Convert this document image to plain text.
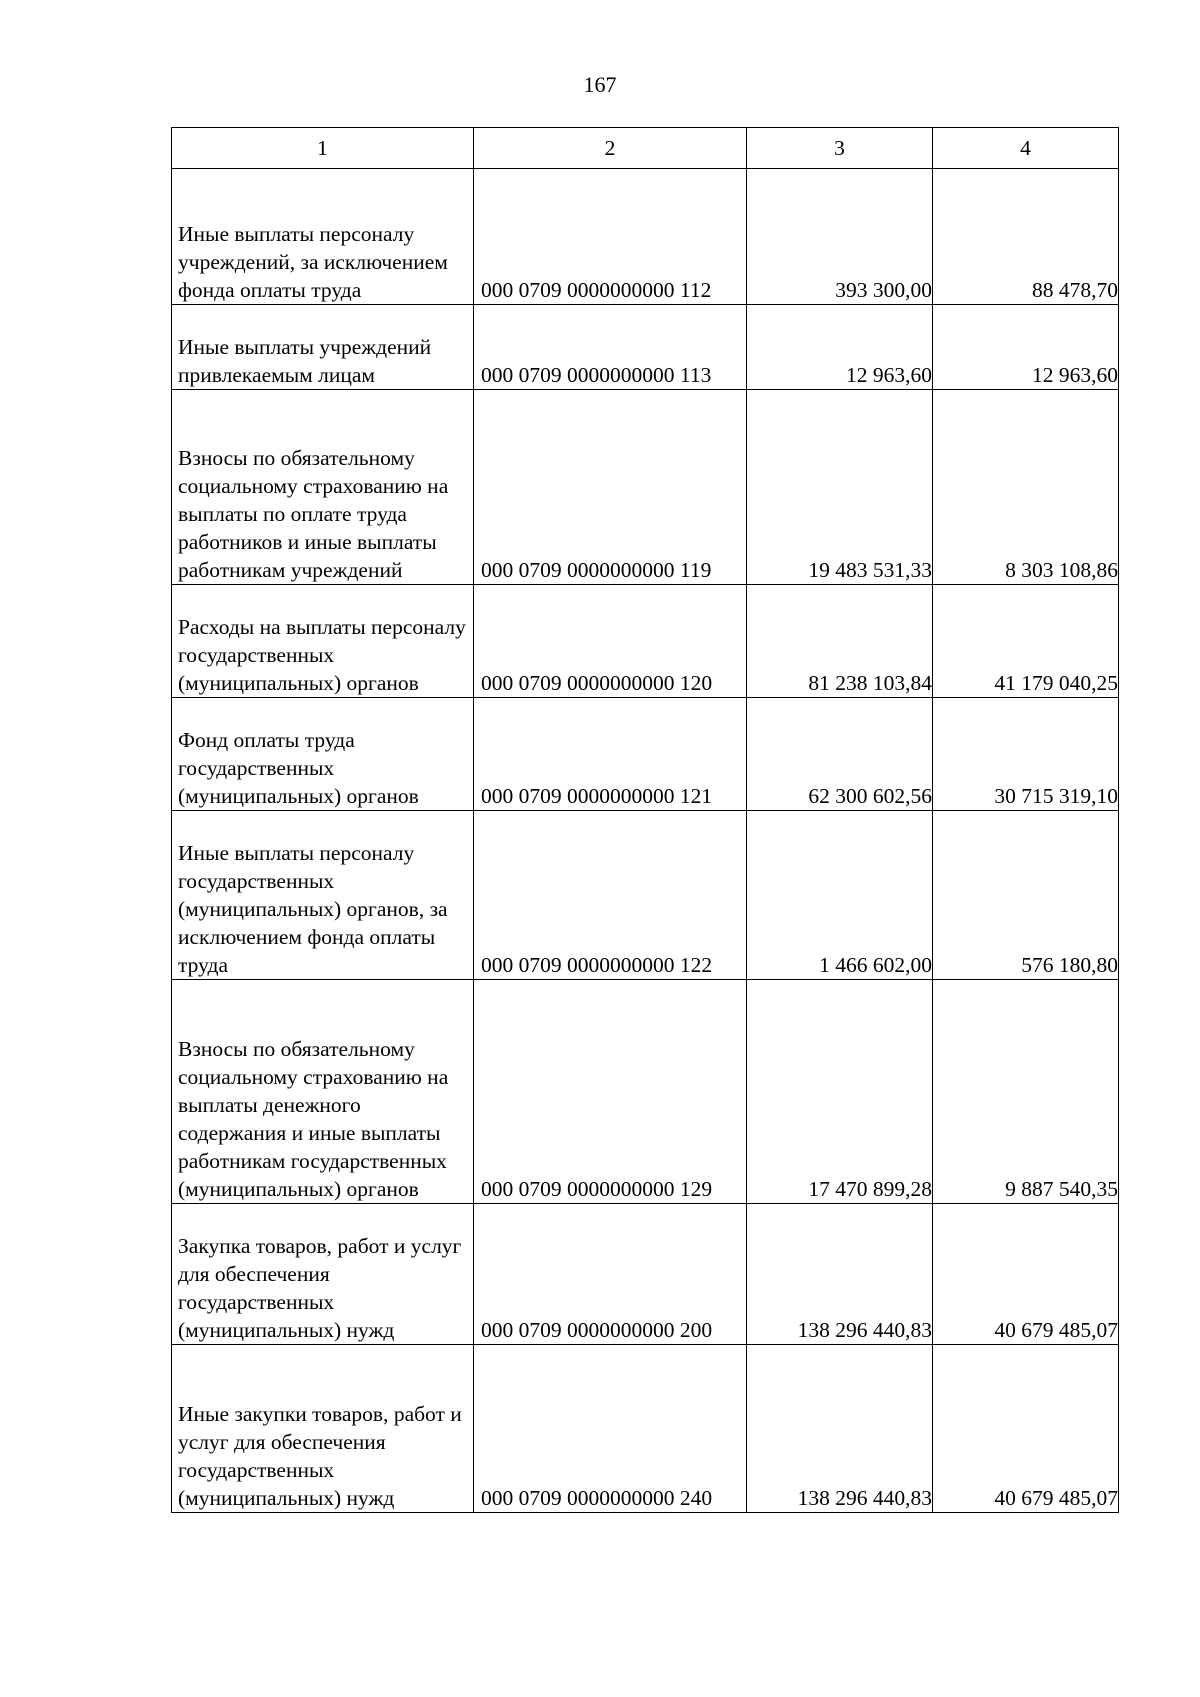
167
1	2	3	4
Иные выплаты персоналу учреждений, за исключением фонда оплаты труда	000 0709 0000000000 112	393 300,00	88 478,70
Иные выплаты учреждений привлекаемым лицам	000 0709 0000000000 113	12 963,60	12 963,60
Взносы по обязательному социальному страхованию на выплаты по оплате труда работников и иные выплаты работникам учреждений	000 0709 0000000000 119	19 483 531,33	8 303 108,86
Расходы на выплаты персоналу государственных (муниципальных) органов	000 0709 0000000000 120	81 238 103,84	41 179 040,25
Фонд оплаты труда государственных (муниципальных) органов	000 0709 0000000000 121	62 300 602,56	30 715 319,10
Иные выплаты персоналу государственных (муниципальных) органов, за исключением фонда оплаты труда	000 0709 0000000000 122	1 466 602,00	576 180,80
Взносы по обязательному социальному страхованию на выплаты денежного содержания и иные выплаты работникам государственных (муниципальных) органов	000 0709 0000000000 129	17 470 899,28	9 887 540,35
Закупка товаров, работ и услуг для обеспечения государственных (муниципальных) нужд	000 0709 0000000000 200	138 296 440,83	40 679 485,07
Иные закупки товаров, работ и услуг для обеспечения государственных (муниципальных) нужд	000 0709 0000000000 240	138 296 440,83	40 679 485,07
